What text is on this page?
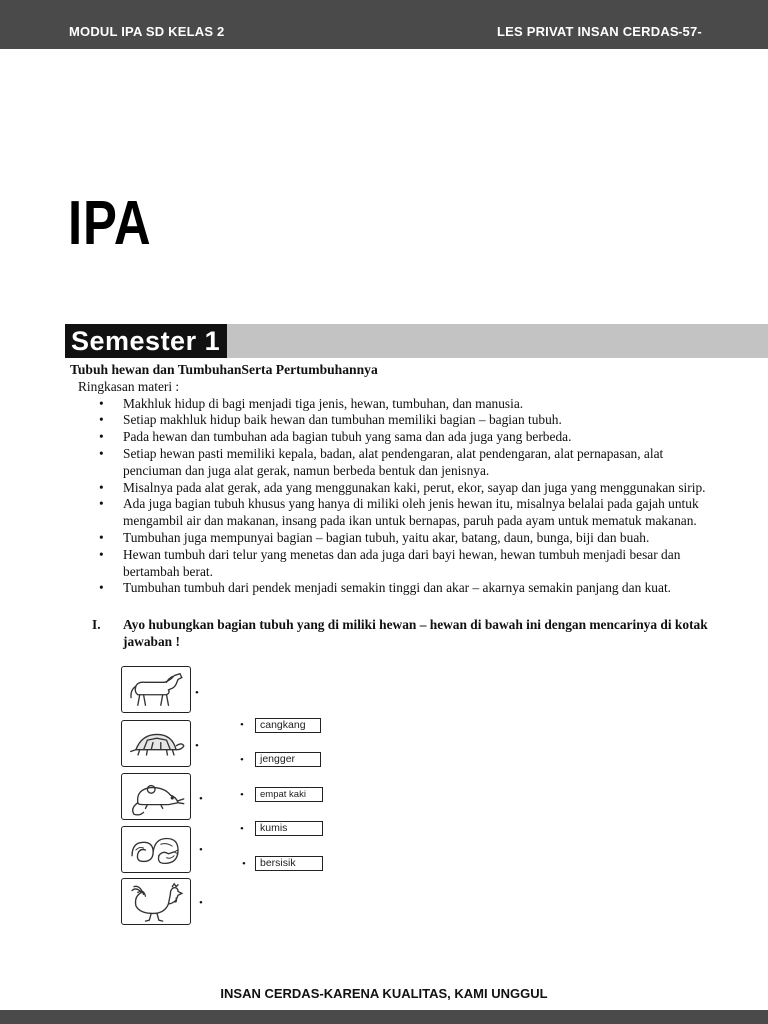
MODUL IPA SD KELAS 2	LES PRIVAT INSAN CERDAS -57-
IPA
Semester 1
Tubuh hewan dan TumbuhanSerta Pertumbuhannya
Ringkasan materi :
• Makhluk hidup di bagi menjadi tiga jenis, hewan, tumbuhan, dan manusia.
• Setiap makhluk hidup baik hewan dan tumbuhan memiliki bagian – bagian tubuh.
• Pada hewan dan tumbuhan ada bagian tubuh yang sama dan ada juga yang berbeda.
• Setiap hewan pasti memiliki kepala, badan, alat pendengaran, alat pendengaran, alat pernapasan, alat penciuman dan juga alat gerak, namun berbeda bentuk dan jenisnya.
• Misalnya pada alat gerak, ada yang menggunakan kaki, perut, ekor, sayap dan juga yang menggunakan sirip.
• Ada juga bagian tubuh khusus yang hanya di miliki oleh jenis hewan itu, misalnya belalai pada gajah untuk mengambil air dan makanan, insang pada ikan untuk bernapas, paruh pada ayam untuk mematuk makanan.
• Tumbuhan juga mempunyai bagian – bagian tubuh, yaitu akar, batang, daun, bunga, biji dan buah.
• Hewan tumbuh dari telur yang menetas dan ada juga dari bayi hewan, hewan tumbuh menjadi besar dan bertambah berat.
• Tumbuhan tumbuh dari pendek menjadi semakin tinggi dan akar – akarnya semakin panjang dan kuat.
I. Ayo hubungkan bagian tubuh yang di miliki hewan – hewan di bawah ini dengan mencarinya di kotak jawaban !
•
•
•
•
•
•	cangkang
•	jengger
•	empat kaki
•	kumis
•	bersisik
INSAN CERDAS-KARENA KUALITAS, KAMI UNGGUL
